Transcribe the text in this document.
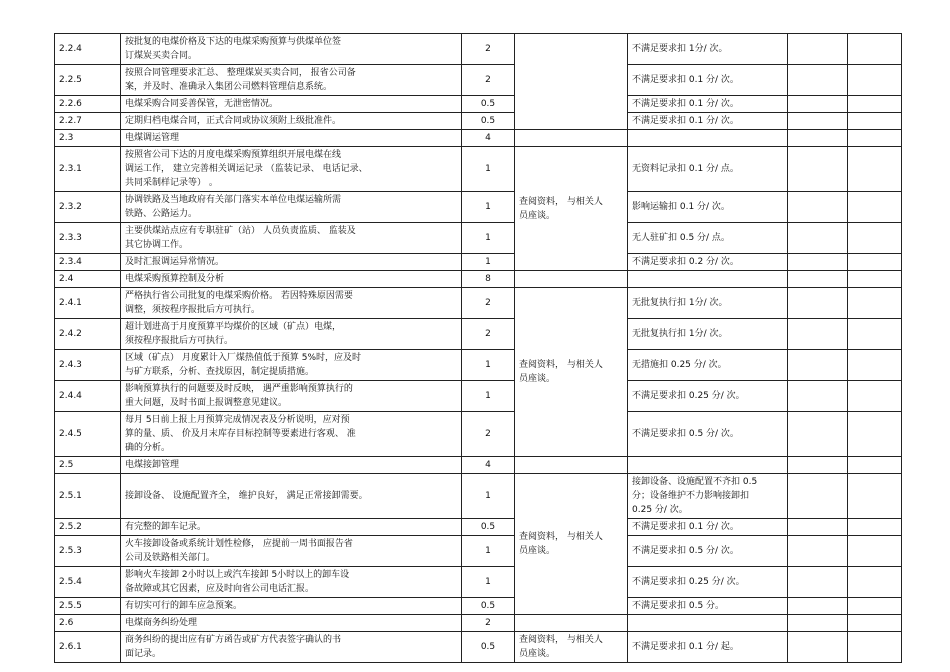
2.2.4	按批复的电煤价格及下达的电煤采购预算与供煤单位签
订煤炭买卖合同。	2		不满足要求扣 1分/ 次。		
2.2.5	按照合同管理要求汇总、 整理煤炭买卖合同， 报省公司备
案，并及时、准确录入集团公司燃料管理信息系统。	2		不满足要求扣 0.1 分/ 次。		
2.2.6	电煤采购合同妥善保管，无泄密情况。	0.5		不满足要求扣 0.1 分/ 次。		
2.2.7	定期归档电煤合同，正式合同或协议须附上级批准件。	0.5		不满足要求扣 0.1 分/ 次。		
2.3	电煤调运管理	4				
2.3.1	按照省公司下达的月度电煤采购预算组织开展电煤在线
调运工作， 建立完善相关调运记录 （监装记录、 电话记录、
共同采制样记录等） 。	1	查阅资料， 与相关人
员座谈。	无资料记录扣 0.1 分/ 点。		
2.3.2	协调铁路及当地政府有关部门落实本单位电煤运输所需
铁路、公路运力。	1		影响运输扣 0.1 分/ 次。		
2.3.3	主要供煤站点应有专职驻矿（站） 人员负责监质、 监装及
其它协调工作。	1		无人驻矿扣 0.5 分/ 点。		
2.3.4	及时汇报调运异常情况。	1		不满足要求扣 0.2 分/ 次。		
2.4	电煤采购预算控制及分析	8				
2.4.1	严格执行省公司批复的电煤采购价格。 若因特殊原因需要
调整，须按程序报批后方可执行。	2	查阅资料， 与相关人
员座谈。	无批复执行扣 1分/ 次。		
2.4.2	超计划进高于月度预算平均煤价的区域（矿点）电煤，
须按程序报批后方可执行。	2		无批复执行扣 1分/ 次。		
2.4.3	区域（矿点） 月度累计入厂煤热值低于预算 5%时，应及时
与矿方联系，分析、查找原因，制定提质措施。	1		无措施扣 0.25 分/ 次。		
2.4.4	影响预算执行的问题要及时反映， 遇严重影响预算执行的
重大问题，及时书面上报调整意见建议。	1		不满足要求扣 0.25 分/ 次。		
2.4.5	每月 5日前上报上月预算完成情况表及分析说明，应对预
算的量、质、 价及月末库存目标控制等要素进行客观、 准
确的分析。	2		不满足要求扣 0.5 分/ 次。		
2.5	电煤接卸管理	4				
2.5.1	接卸设备、 设施配置齐全， 维护良好， 满足正常接卸需要。	1	查阅资料， 与相关人
员座谈。	接卸设备、设施配置不齐扣 0.5
分；设备维护不力影响接卸扣
0.25 分/ 次。		
2.5.2	有完整的卸车记录。	0.5		不满足要求扣 0.1 分/ 次。		
2.5.3	火车接卸设备或系统计划性检修， 应提前一周书面报告省
公司及铁路相关部门。	1		不满足要求扣 0.5 分/ 次。		
2.5.4	影响火车接卸 2小时以上或汽车接卸 5小时以上的卸车设
备故障或其它因素，应及时向省公司电话汇报。	1		不满足要求扣 0.25 分/ 次。		
2.5.5	有切实可行的卸车应急预案。	0.5		不满足要求扣 0.5 分。		
2.6	电煤商务纠纷处理	2				
2.6.1	商务纠纷的提出应有矿方函告或矿方代表签字确认的书
面记录。	0.5	查阅资料， 与相关人
员座谈。	不满足要求扣 0.1 分/ 起。		
